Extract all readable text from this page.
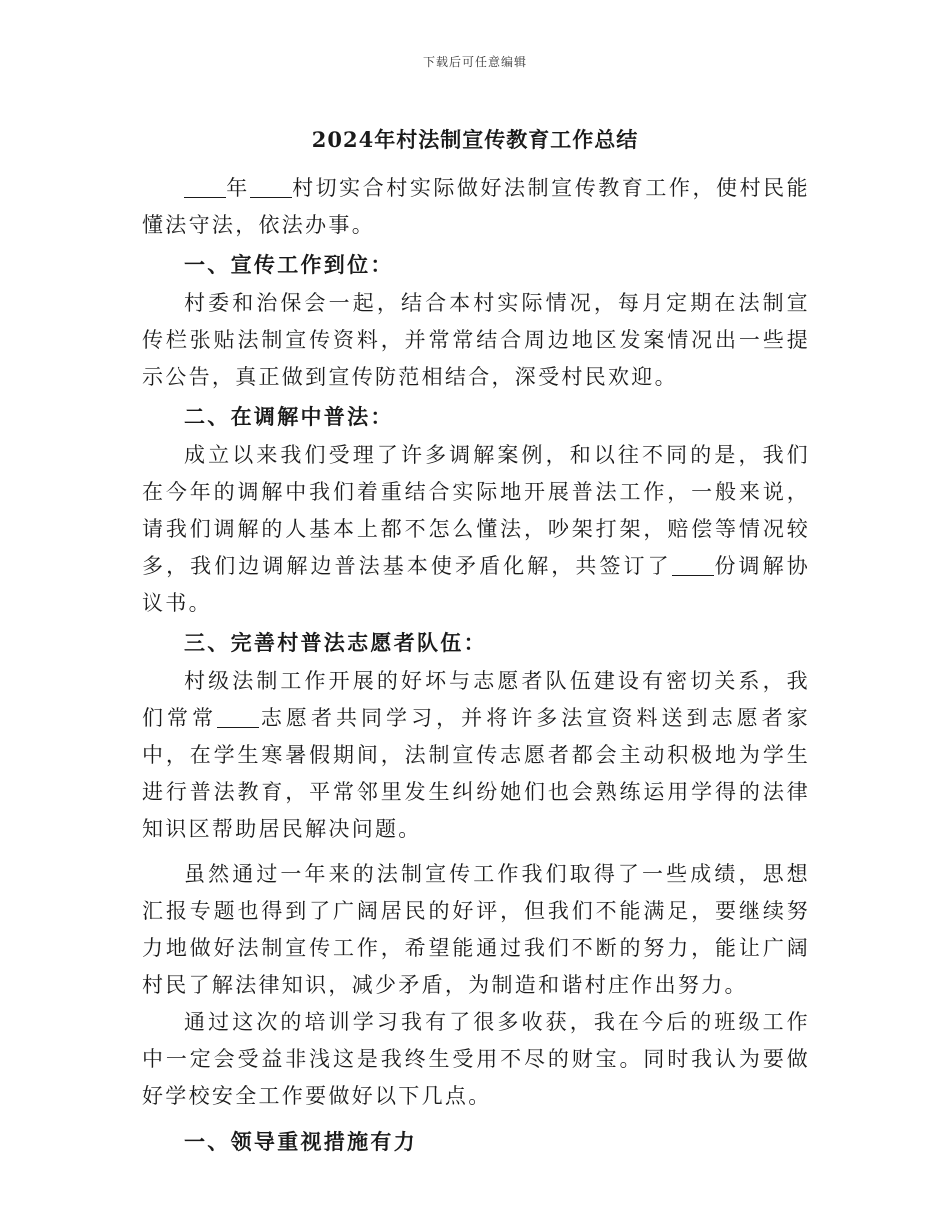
下载后可任意编辑
2024年村法制宣传教育工作总结

年 村切实合村实际做好法制宣传教育工作，使村民能懂法守法，依法办事。

一、宣传工作到位：

村委和治保会一起，结合本村实际情况，每月定期在法制宣传栏张贴法制宣传资料，并常常结合周边地区发案情况出一些提示公告，真正做到宣传防范相结合，深受村民欢迎。

二、在调解中普法：

成立以来我们受理了许多调解案例，和以往不同的是，我们在今年的调解中我们着重结合实际地开展普法工作，一般来说，请我们调解的人基本上都不怎么懂法，吵架打架，赔偿等情况较多，我们边调解边普法基本使矛盾化解，共签订了 份调解协议书。

三、完善村普法志愿者队伍：

村级法制工作开展的好坏与志愿者队伍建设有密切关系，我们常常 志愿者共同学习，并将许多法宣资料送到志愿者家中，在学生寒暑假期间，法制宣传志愿者都会主动积极地为学生进行普法教育，平常邻里发生纠纷她们也会熟练运用学得的法律知识区帮助居民解决问题。

虽然通过一年来的法制宣传工作我们取得了一些成绩，思想汇报专题也得到了广阔居民的好评，但我们不能满足，要继续努力地做好法制宣传工作，希望能通过我们不断的努力，能让广阔村民了解法律知识，减少矛盾，为制造和谐村庄作出努力。

通过这次的培训学习我有了很多收获，我在今后的班级工作中一定会受益非浅这是我终生受用不尽的财宝。同时我认为要做好学校安全工作要做好以下几点。

一、领导重视措施有力
